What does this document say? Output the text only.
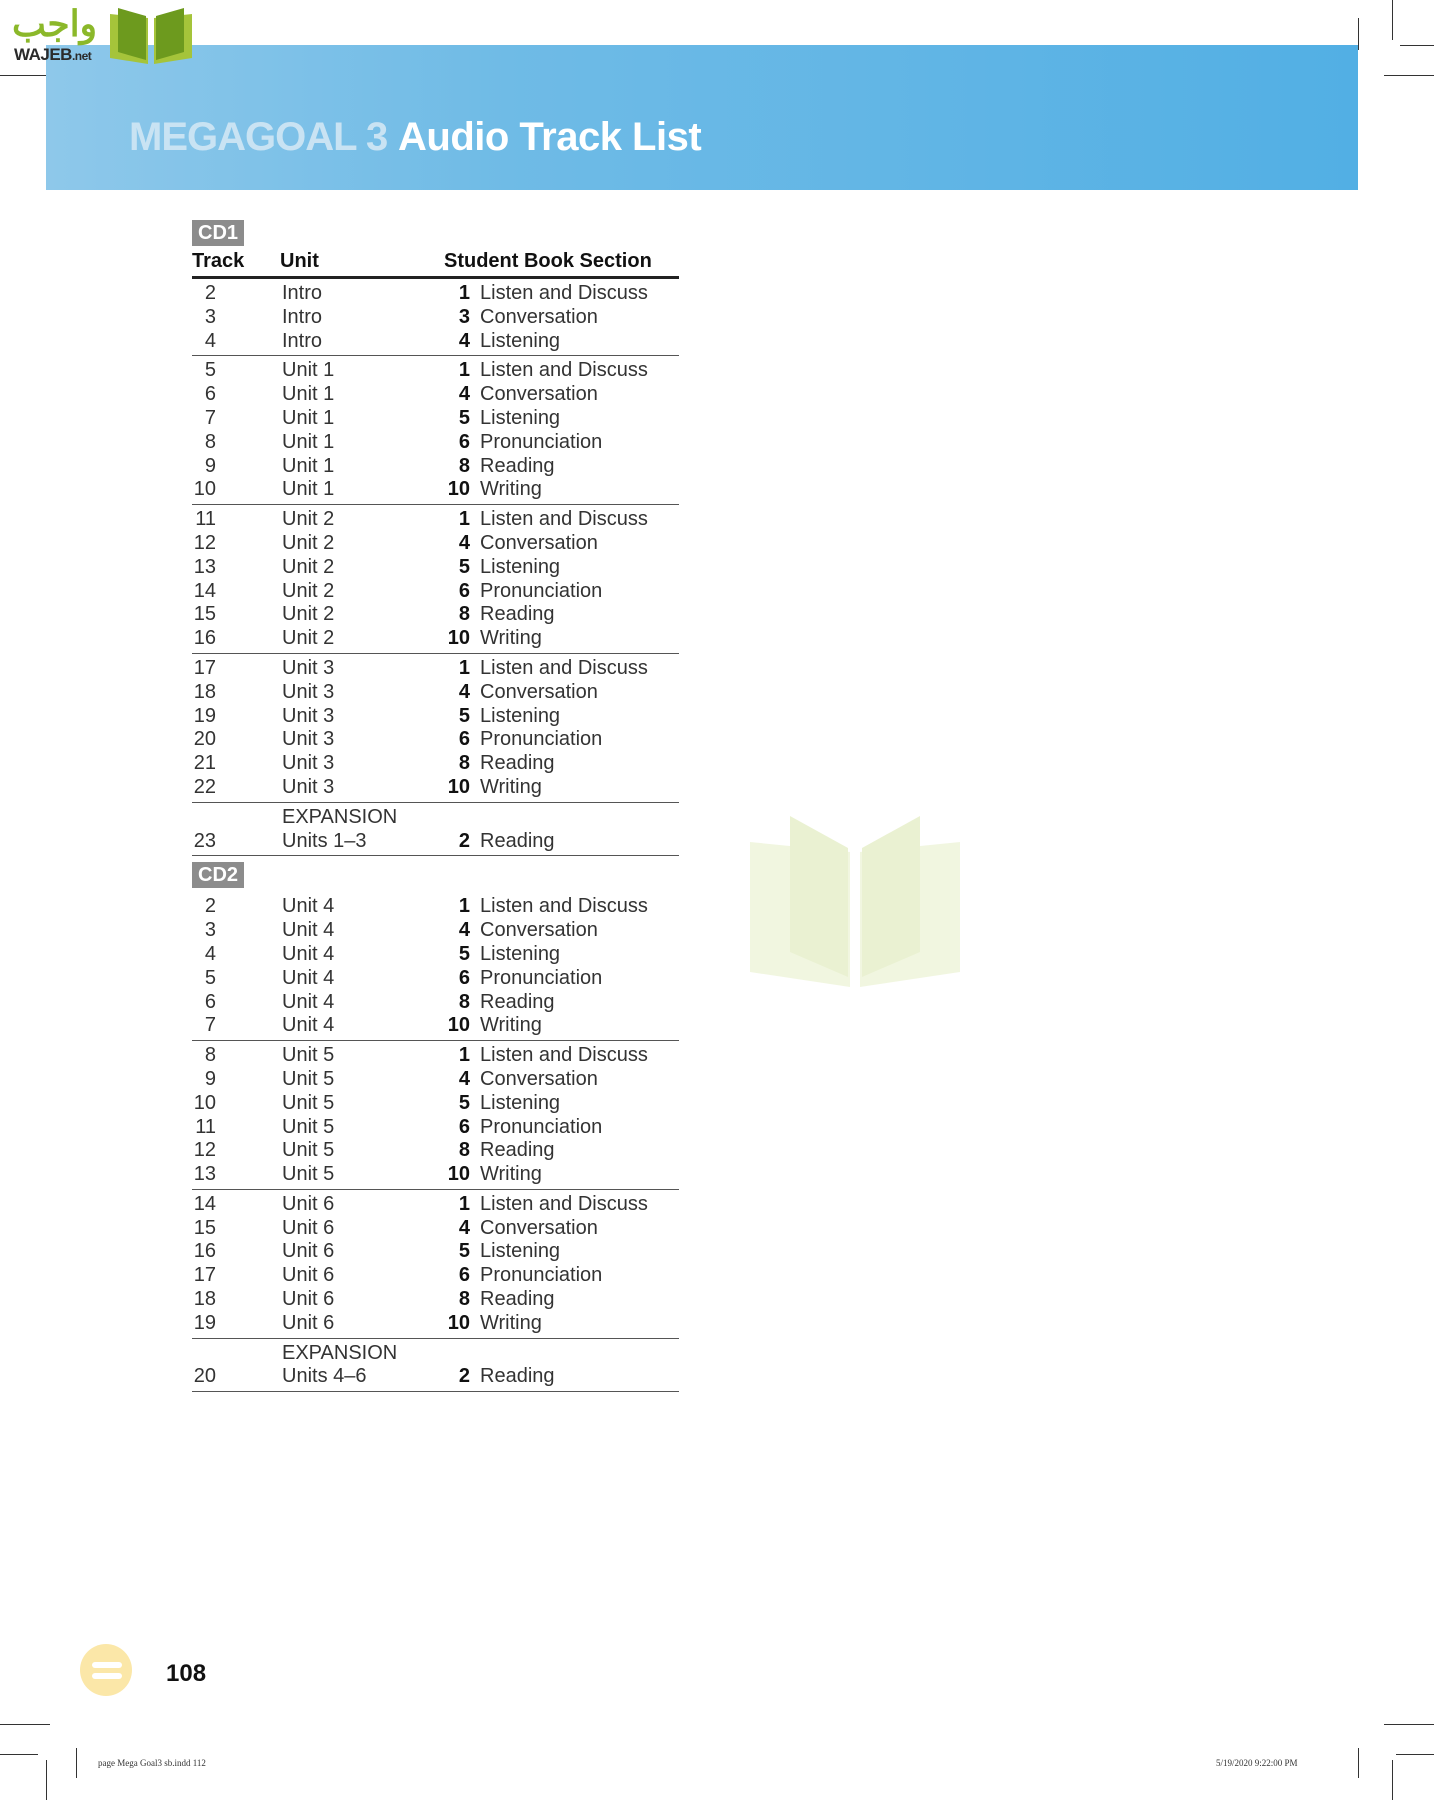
MEGAGOAL 3 Audio Track List
واجب
WAJEB.net
CD1
Track Unit	Student Book Section
2	Intro	1 Listen and Discuss
3	Intro	3 Conversation
4	Intro	4 Listening
5	Unit 1	1 Listen and Discuss
6	Unit 1	4 Conversation
7	Unit 1	5 Listening
8	Unit 1	6 Pronunciation
9	Unit 1	8 Reading
10	Unit 1	10 Writing
11	Unit 2	1 Listen and Discuss
12	Unit 2	4 Conversation
13	Unit 2	5 Listening
14	Unit 2	6 Pronunciation
15	Unit 2	8 Reading
16	Unit 2	10 Writing
17	Unit 3	1 Listen and Discuss
18	Unit 3	4 Conversation
19	Unit 3	5 Listening
20	Unit 3	6 Pronunciation
21	Unit 3	8 Reading
22	Unit 3	10 Writing
EXPANSION
23	Units 1–3	2 Reading
CD2
2	Unit 4	1 Listen and Discuss
3	Unit 4	4 Conversation
4	Unit 4	5 Listening
5	Unit 4	6 Pronunciation
6	Unit 4	8 Reading
7	Unit 4	10 Writing
8	Unit 5	1 Listen and Discuss
9	Unit 5	4 Conversation
10	Unit 5	5 Listening
11	Unit 5	6 Pronunciation
12	Unit 5	8 Reading
13	Unit 5	10 Writing
14	Unit 6	1 Listen and Discuss
15	Unit 6	4 Conversation
16	Unit 6	5 Listening
17	Unit 6	6 Pronunciation
18	Unit 6	8 Reading
19	Unit 6	10 Writing
EXPANSION
20	Units 4–6	2 Reading
108
page Mega Goal3 sb.indd 112	5/19/2020 9:22:00 PM
